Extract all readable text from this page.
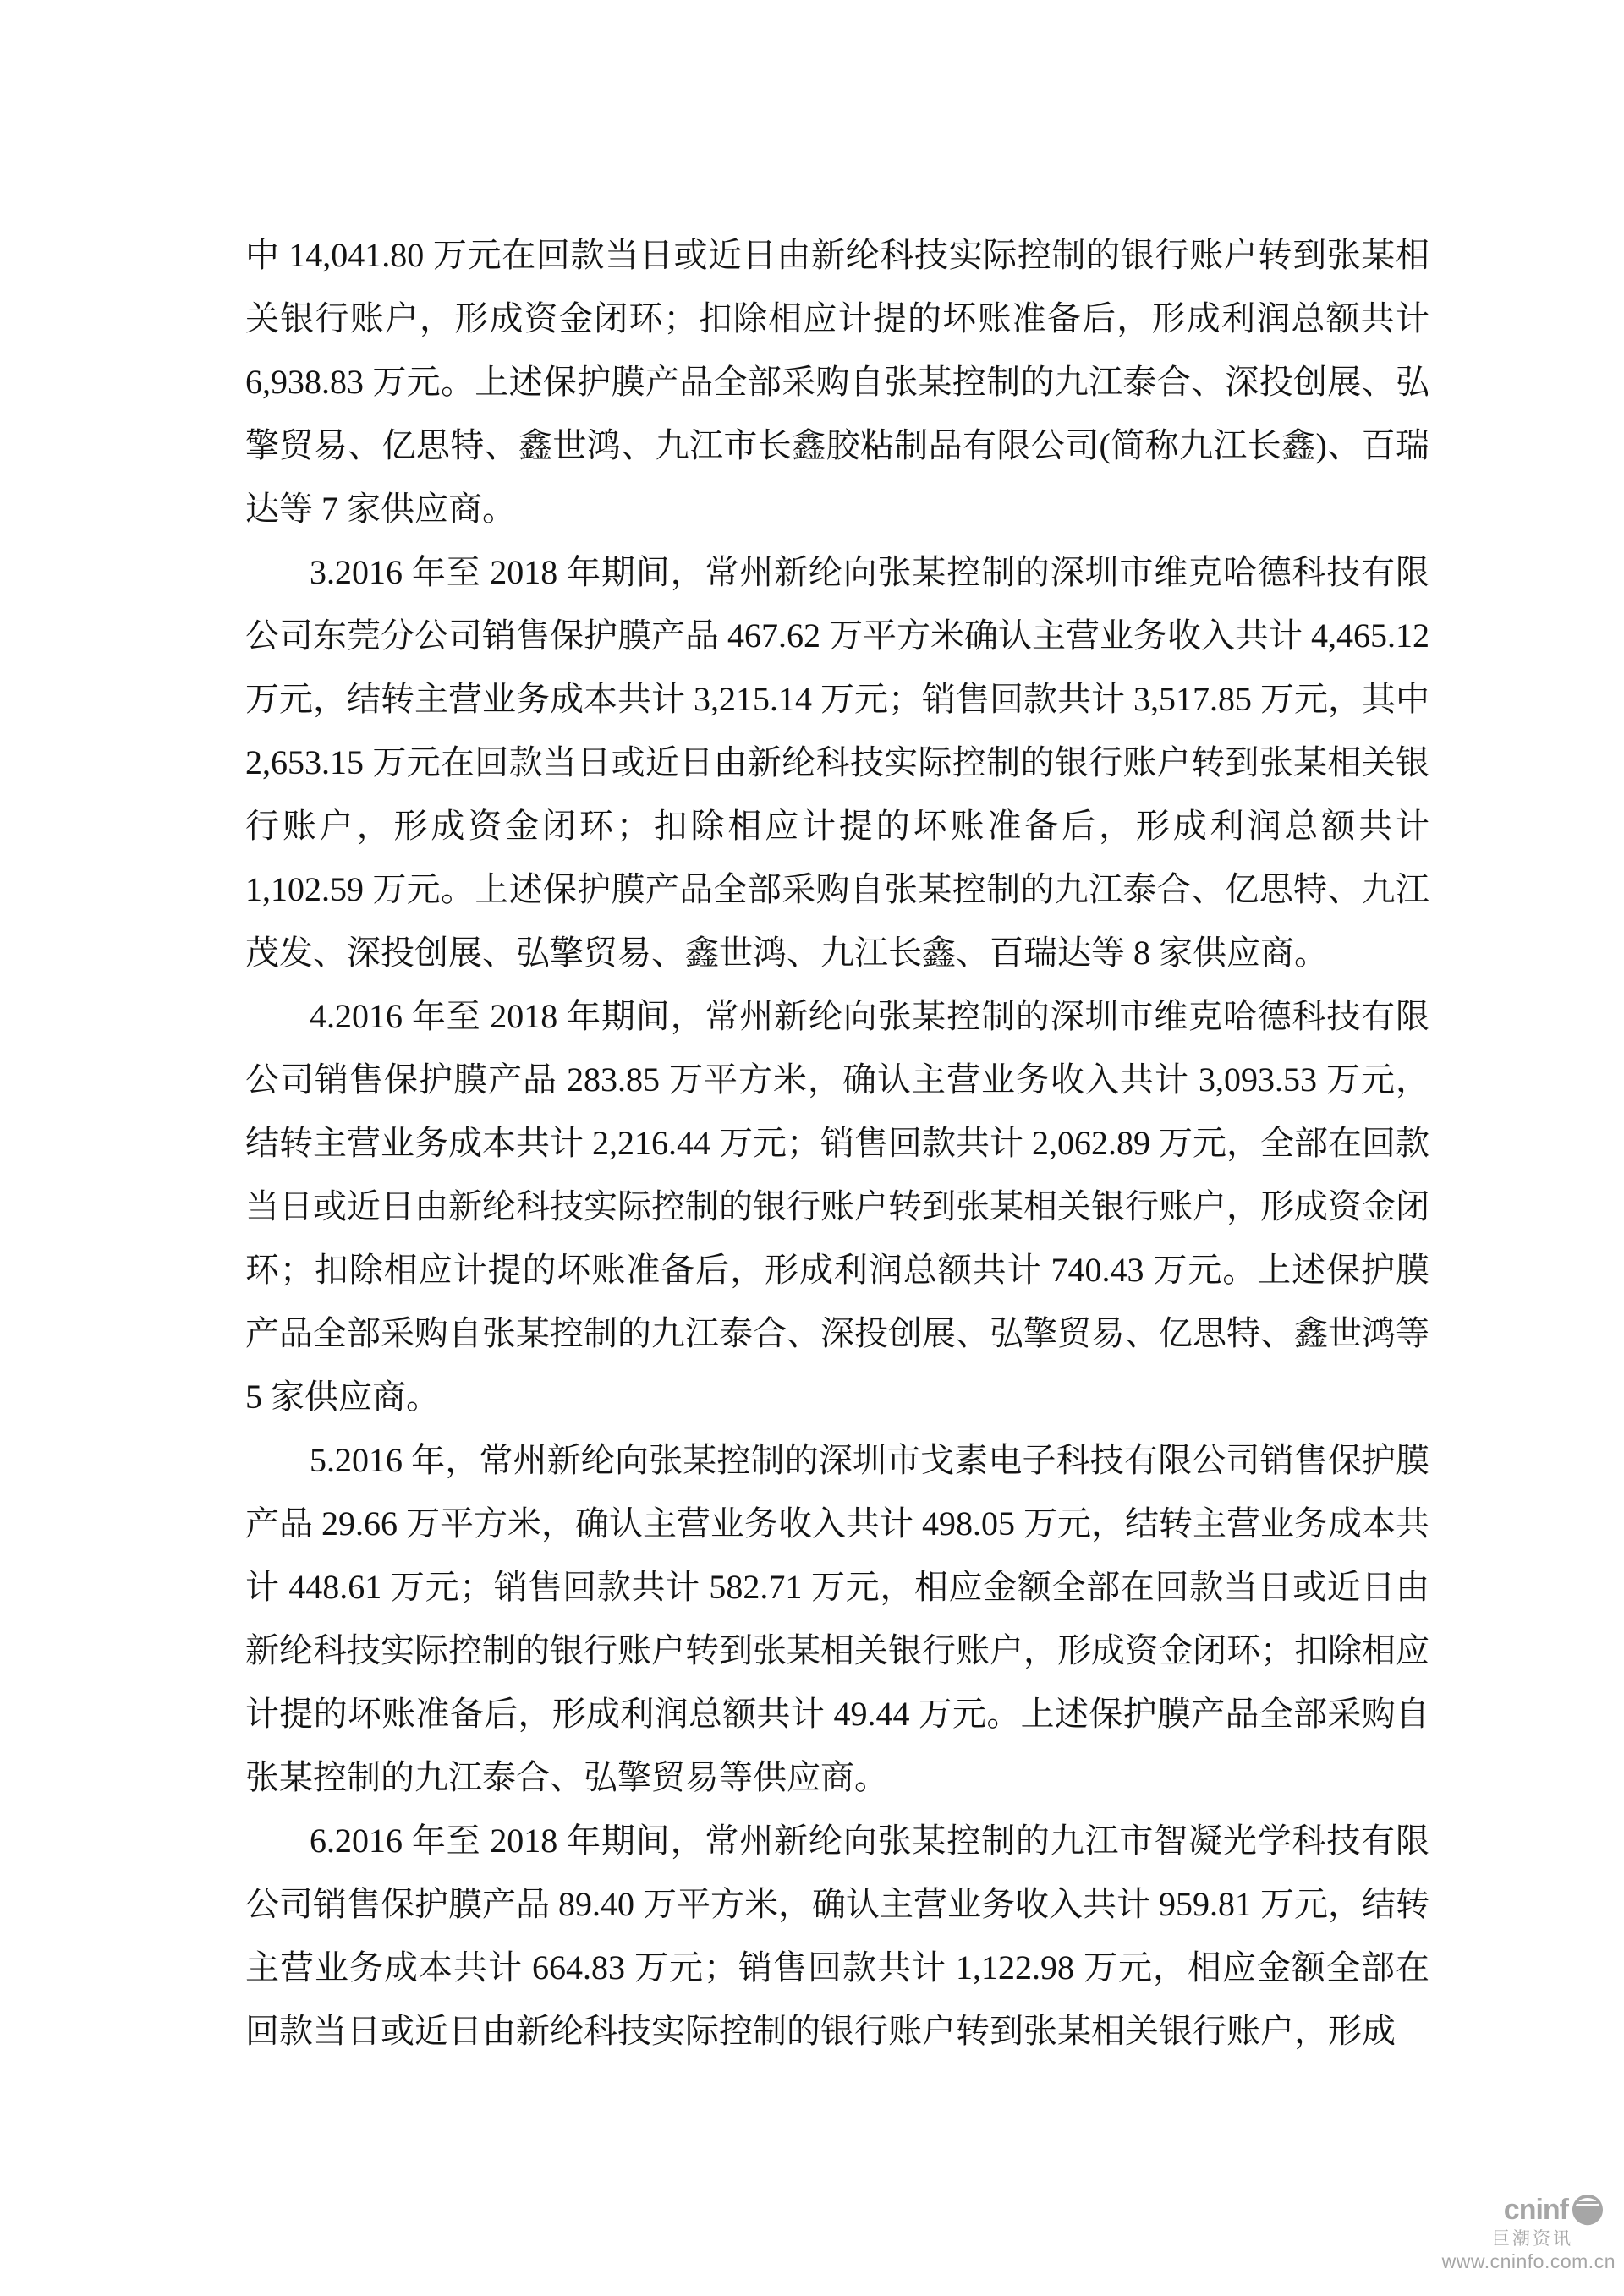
中 14,041.80 万元在回款当日或近日由新纶科技实际控制的银行账户转到张某相关银行账户，形成资金闭环；扣除相应计提的坏账准备后，形成利润总额共计 6,938.83 万元。上述保护膜产品全部采购自张某控制的九江泰合、深投创展、弘擎贸易、亿思特、鑫世鸿、九江市长鑫胶粘制品有限公司(简称九江长鑫)、百瑞达等 7 家供应商。

3.2016 年至 2018 年期间，常州新纶向张某控制的深圳市维克哈德科技有限公司东莞分公司销售保护膜产品 467.62 万平方米确认主营业务收入共计 4,465.12 万元，结转主营业务成本共计 3,215.14 万元；销售回款共计 3,517.85 万元，其中 2,653.15 万元在回款当日或近日由新纶科技实际控制的银行账户转到张某相关银行账户，形成资金闭环；扣除相应计提的坏账准备后，形成利润总额共计 1,102.59 万元。上述保护膜产品全部采购自张某控制的九江泰合、亿思特、九江茂发、深投创展、弘擎贸易、鑫世鸿、九江长鑫、百瑞达等 8 家供应商。

4.2016 年至 2018 年期间，常州新纶向张某控制的深圳市维克哈德科技有限公司销售保护膜产品 283.85 万平方米，确认主营业务收入共计 3,093.53 万元，结转主营业务成本共计 2,216.44 万元；销售回款共计 2,062.89 万元，全部在回款当日或近日由新纶科技实际控制的银行账户转到张某相关银行账户，形成资金闭环；扣除相应计提的坏账准备后，形成利润总额共计 740.43 万元。上述保护膜产品全部采购自张某控制的九江泰合、深投创展、弘擎贸易、亿思特、鑫世鸿等 5 家供应商。

5.2016 年，常州新纶向张某控制的深圳市戈素电子科技有限公司销售保护膜产品 29.66 万平方米，确认主营业务收入共计 498.05 万元，结转主营业务成本共计 448.61 万元；销售回款共计 582.71 万元，相应金额全部在回款当日或近日由新纶科技实际控制的银行账户转到张某相关银行账户，形成资金闭环；扣除相应计提的坏账准备后，形成利润总额共计 49.44 万元。上述保护膜产品全部采购自张某控制的九江泰合、弘擎贸易等供应商。

6.2016 年至 2018 年期间，常州新纶向张某控制的九江市智凝光学科技有限公司销售保护膜产品 89.40 万平方米，确认主营业务收入共计 959.81 万元，结转主营业务成本共计 664.83 万元；销售回款共计 1,122.98 万元，相应金额全部在回款当日或近日由新纶科技实际控制的银行账户转到张某相关银行账户，形成

cninf
巨潮资讯
www.cninfo.com.cn
